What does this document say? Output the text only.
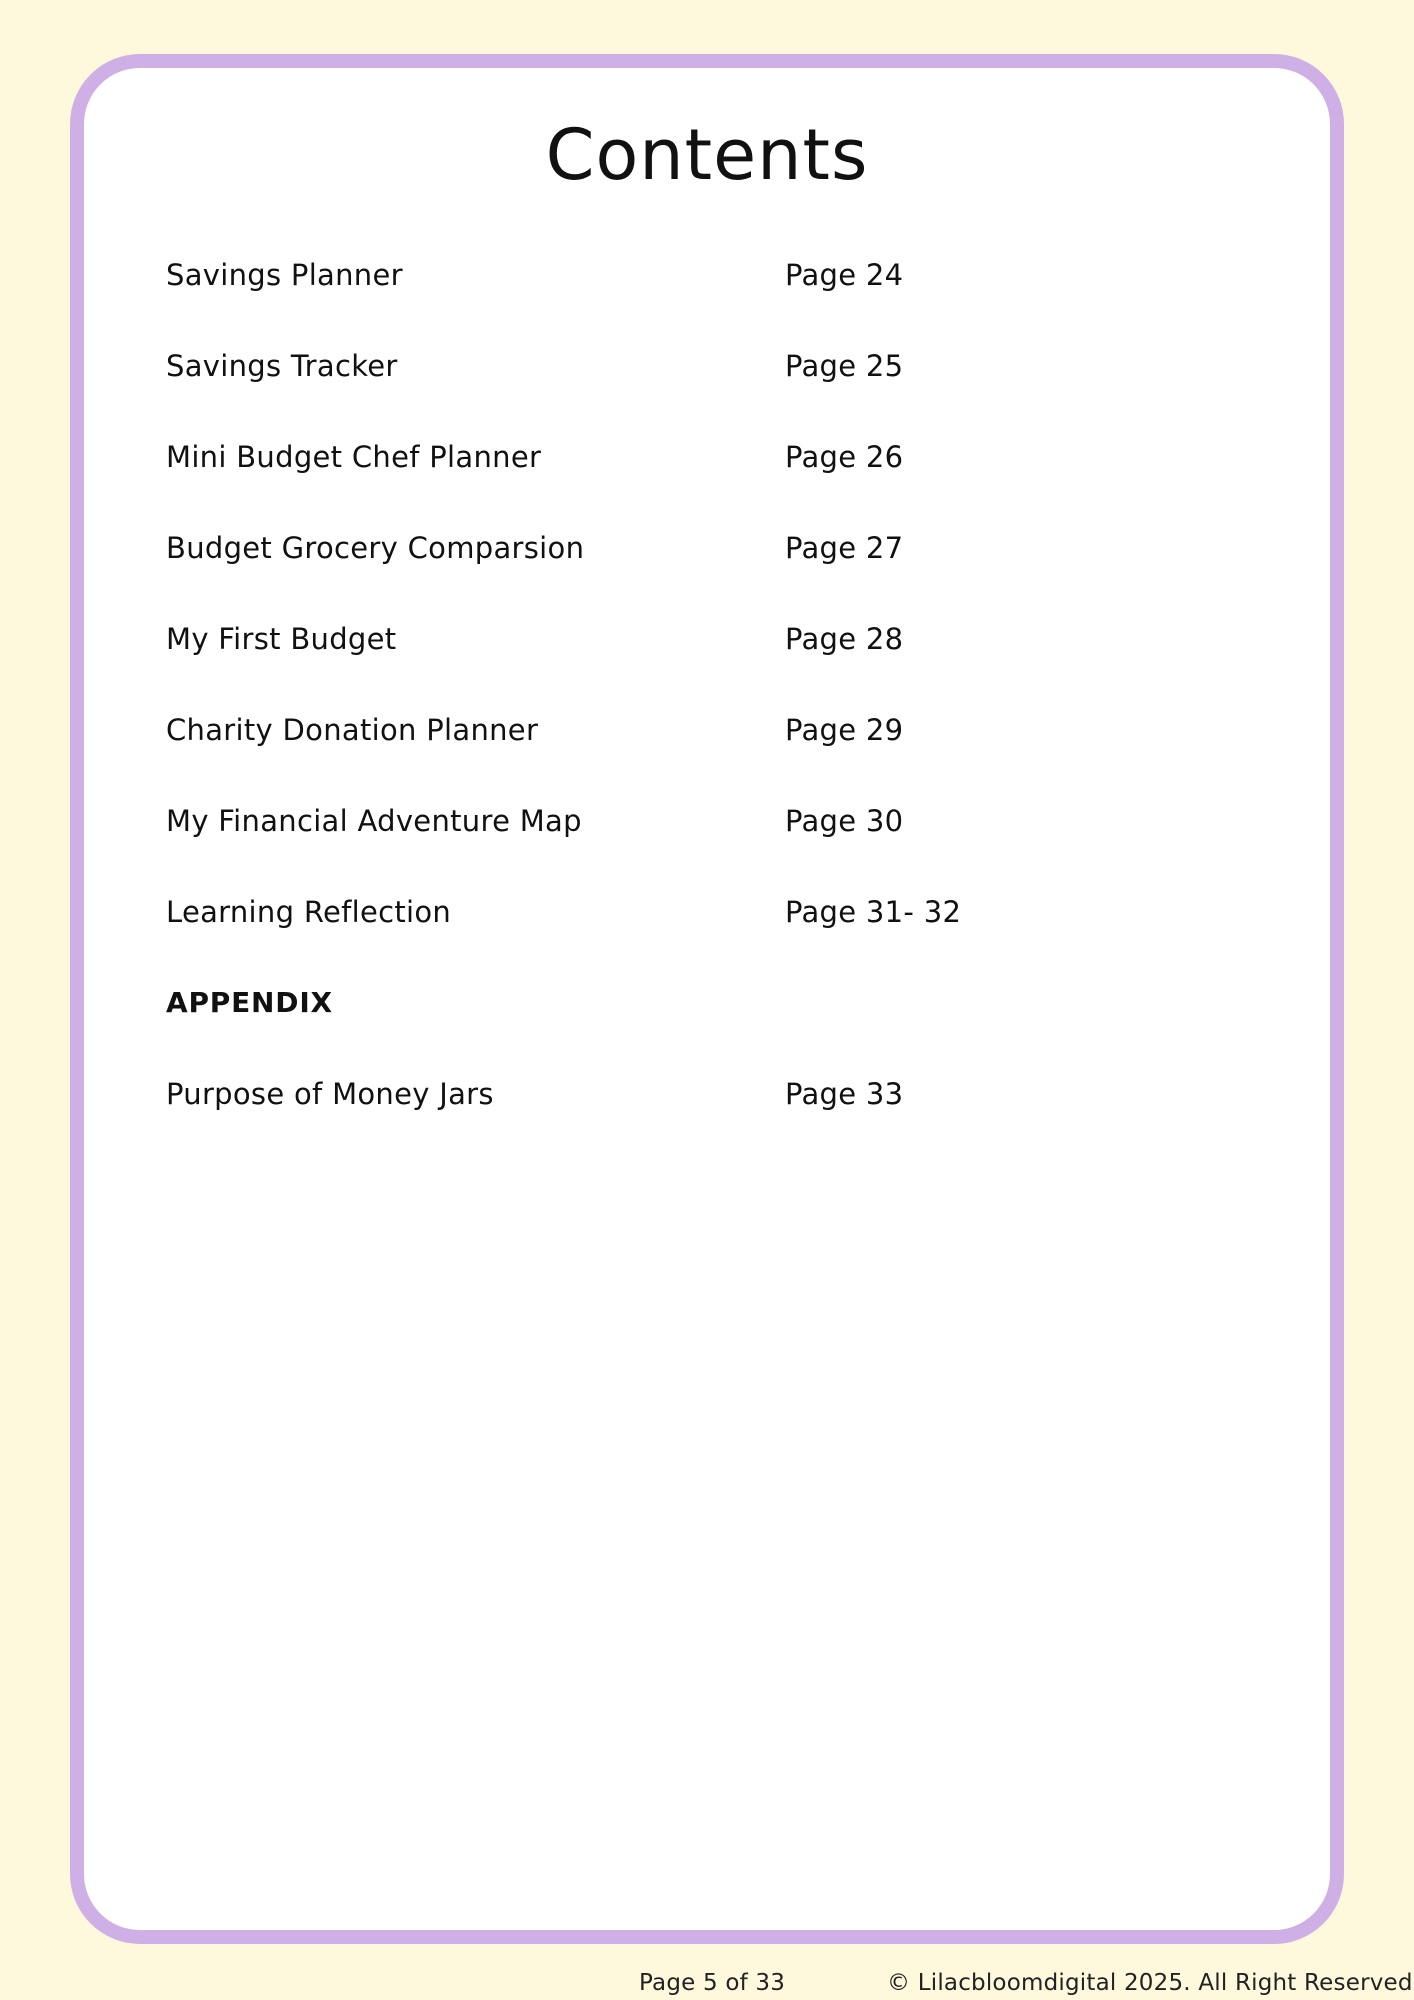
Contents
Savings Planner	Page 24
Savings Tracker	Page 25
Mini Budget Chef Planner	Page 26
Budget Grocery Comparsion	Page 27
My First Budget	Page 28
Charity Donation Planner	Page 29
My Financial Adventure Map	Page 30
Learning Reflection	Page 31- 32
APPENDIX
Purpose of Money Jars	Page 33
Page 5 of 33	© Lilacbloomdigital 2025. All Right Reserved
